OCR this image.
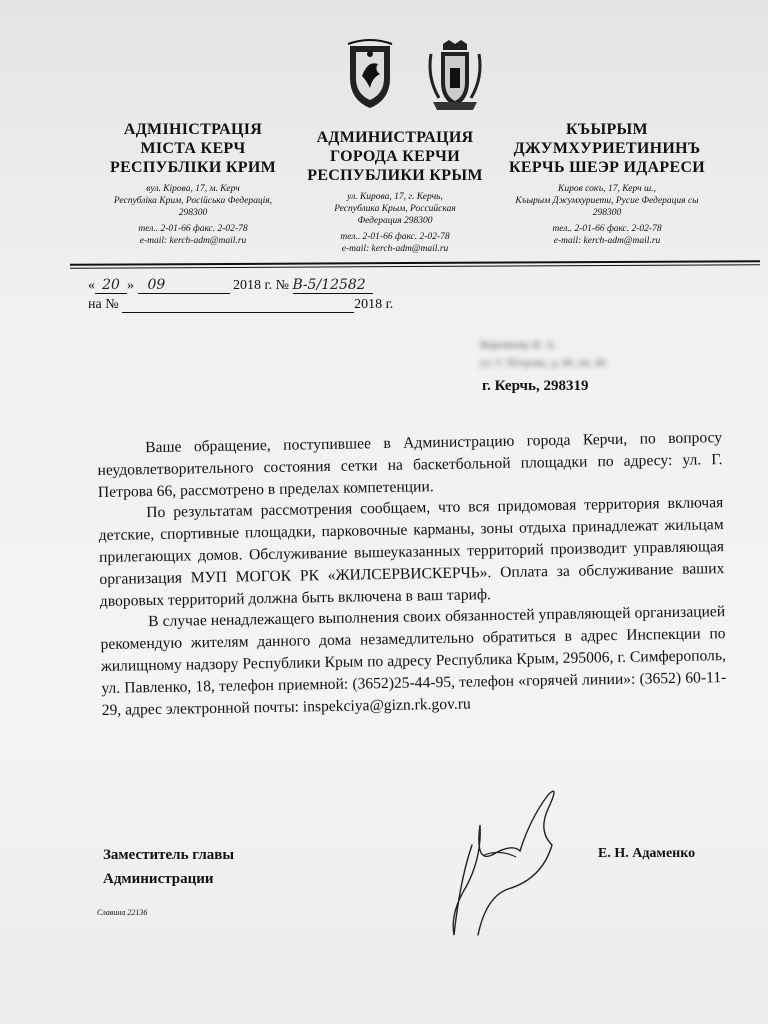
АДМІНІСТРАЦІЯ
МІСТА КЕРЧ
РЕСПУБЛІКИ КРИМ
вул. Кірова, 17, м. Керч
Республіка Крим, Російська Федерація,
298300
тел.. 2-01-66 факс. 2-02-78
e-mail: kerch-adm@mail.ru
АДМИНИСТРАЦИЯ
ГОРОДА КЕРЧИ
РЕСПУБЛИКИ КРЫМ
ул. Кирова, 17, г. Керчь,
Республика Крым, Российская
Федерация 298300
тел.. 2-01-66 факс. 2-02-78
e-mail: kerch-adm@mail.ru
КЪЫРЫМ
ДЖУМХУРИЕТИНИНЪ
КЕРЧЬ ШЕЭР ИДАРЕСИ
Киров сокъ, 17, Керч ш.,
Къырым Джумхуриети, Русие Федерация сы
298300
тел.. 2-01-66 факс. 2-02-78
e-mail: kerch-adm@mail.ru
« 20 » 09	2018 г. № В-5/12582
на №	2018 г.
Веремееву И. А.
ул. Г. Петрова, д. 66, кв. 40
г. Керчь, 298319

Ваше обращение, поступившее в Администрацию города Керчи, по вопросу неудовлетворительного состояния сетки на баскетбольной площадки по адресу: ул. Г. Петрова 66, рассмотрено в пределах компетенции.

По результатам рассмотрения сообщаем, что вся придомовая территория включая детские, спортивные площадки, парковочные карманы, зоны отдыха принадлежат жильцам прилегающих домов. Обслуживание вышеуказанных территорий производит управляющая организация МУП МОГОК РК «ЖИЛСЕРВИСКЕРЧЬ». Оплата за обслуживание ваших дворовых территорий должна быть включена в ваш тариф.

В случае ненадлежащего выполнения своих обязанностей управляющей организацией рекомендую жителям данного дома незамедлительно обратиться в адрес Инспекции по жилищному надзору Республики Крым по адресу Республика Крым, 295006, г. Симферополь, ул. Павленко, 18, телефон приемной: (3652)25-44-95, телефон «горячей линии»: (3652) 60-11-29, адрес электронной почты: inspekciya@gizn.rk.gov.ru

Заместитель главы
Администрации
Е. Н. Адаменко
Славина 22136
